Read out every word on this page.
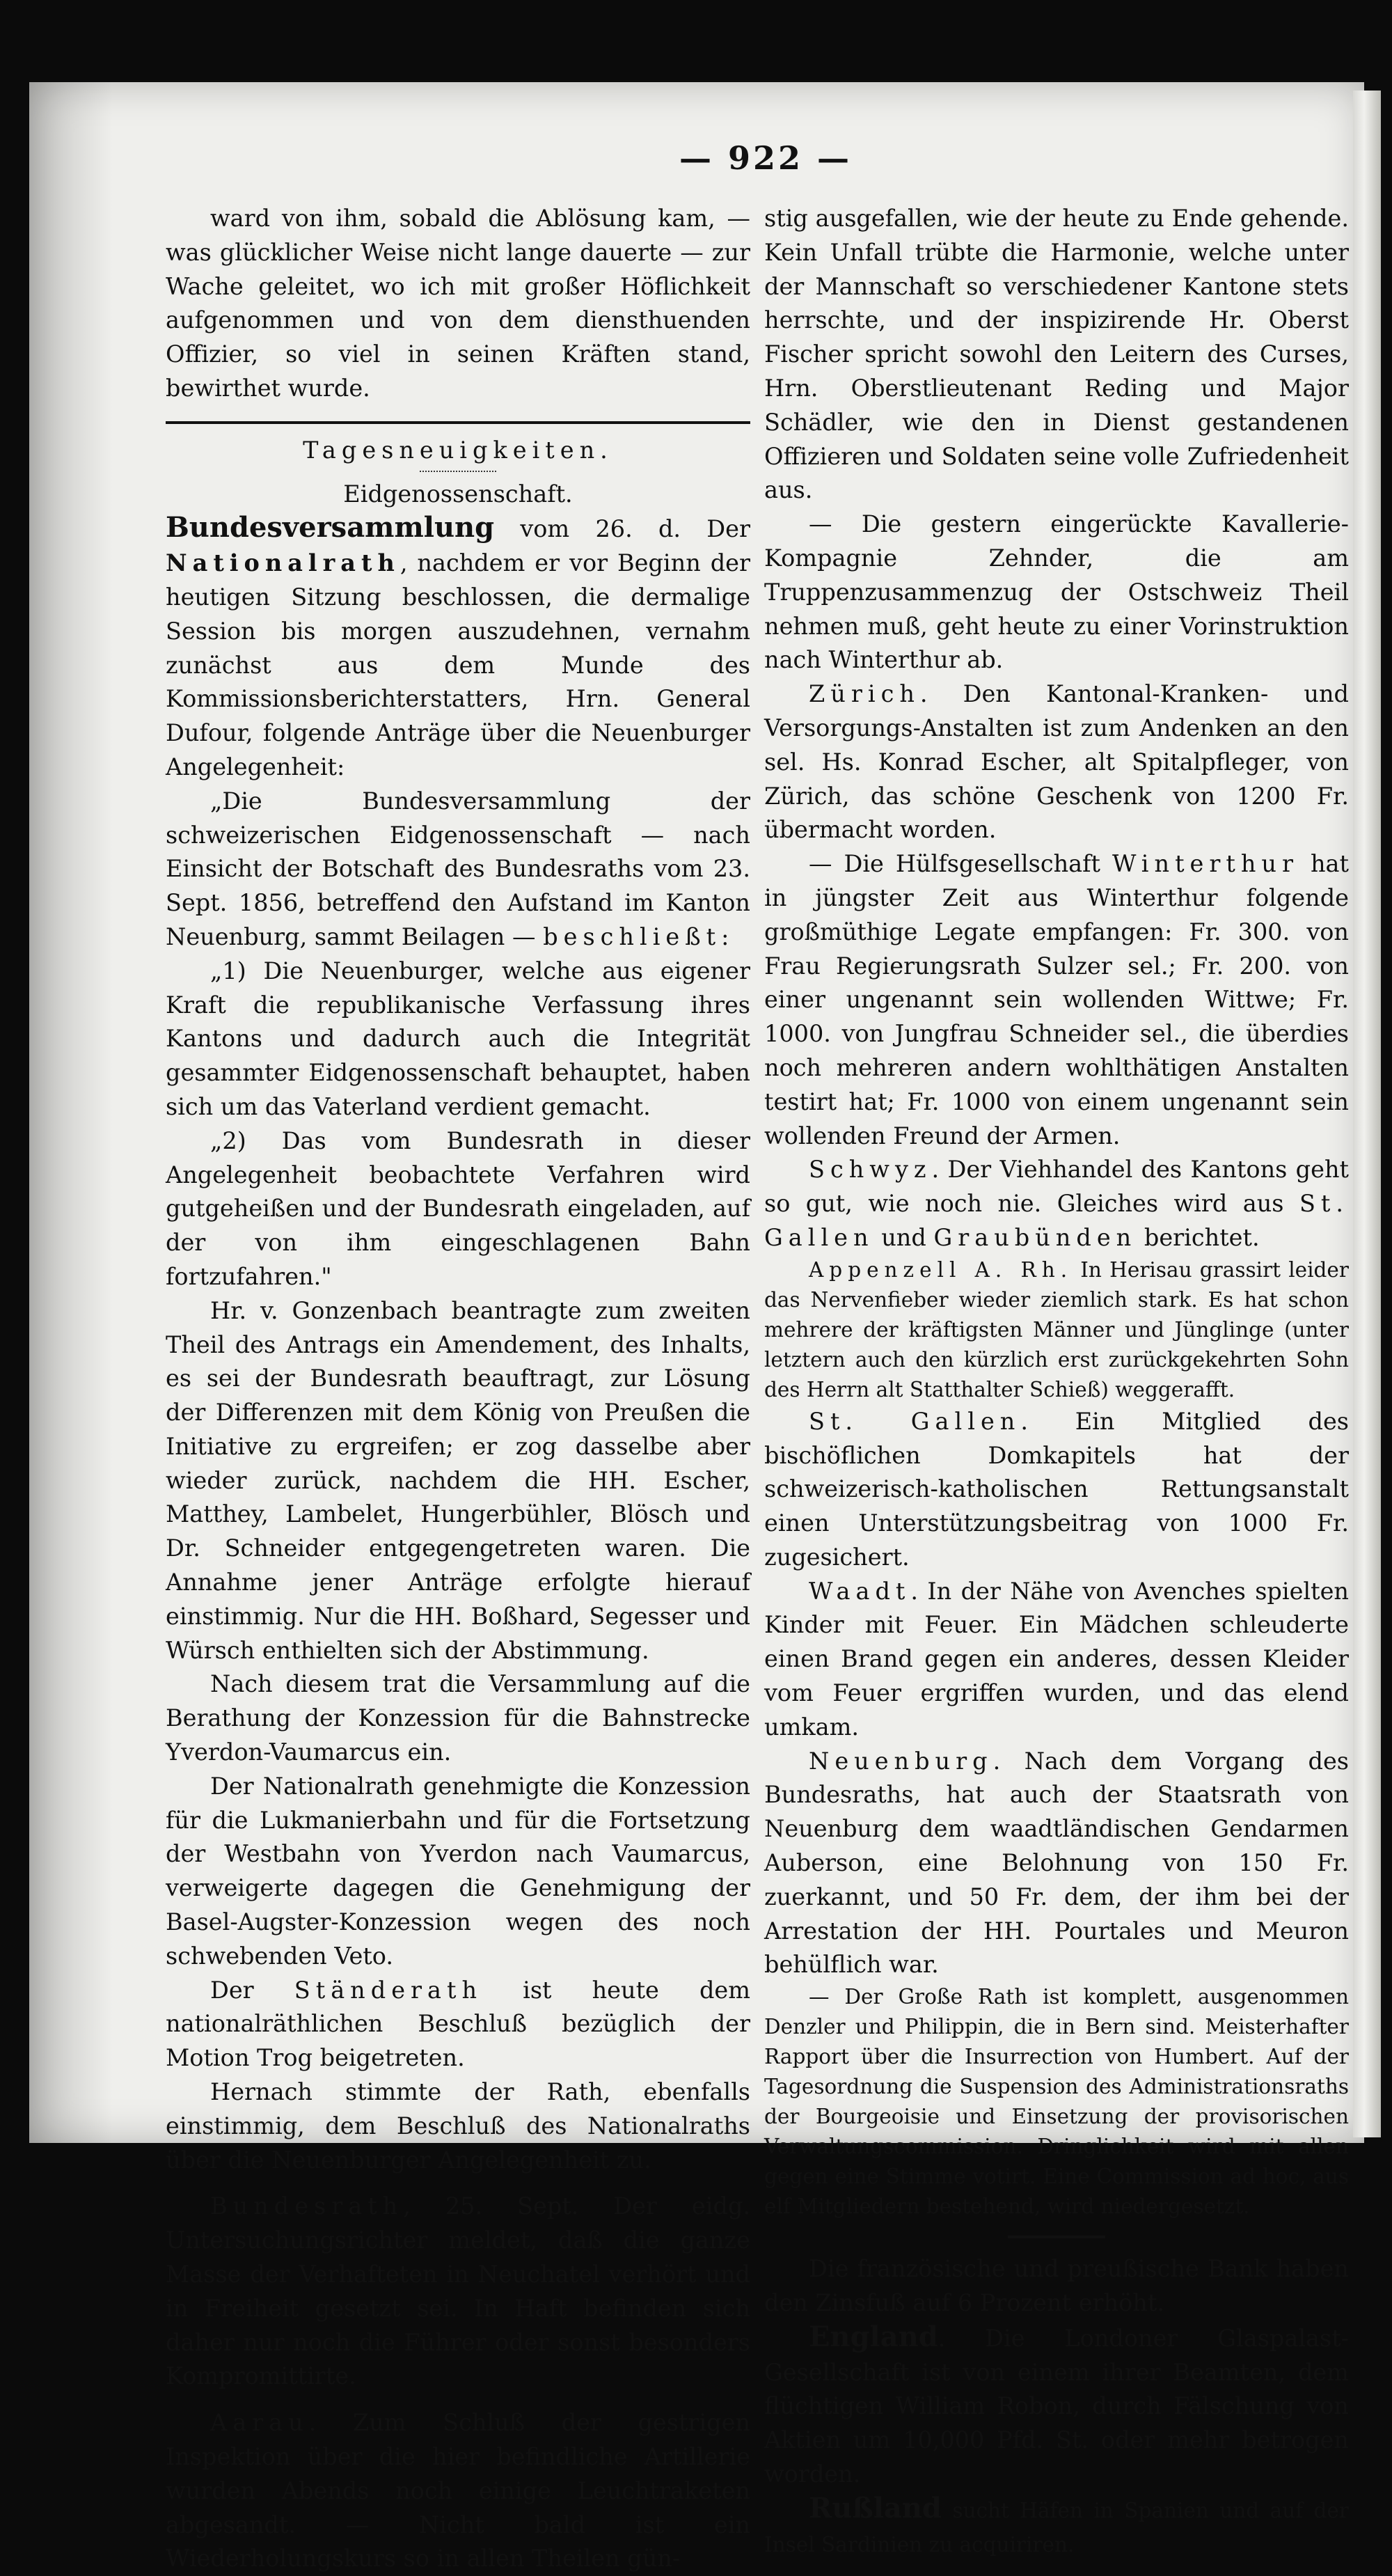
— 922 —

ward von ihm, sobald die Ablösung kam, — was glücklicher Weise nicht lange dauerte — zur Wache geleitet, wo ich mit großer Höflichkeit aufgenommen und von dem diensthuenden Offizier, so viel in seinen Kräften stand, bewirthet wurde.

Tagesneuigkeiten.
Eidgenossenschaft.

Bundesversammlung vom 26. d. Der Nationalrath, nachdem er vor Beginn der heutigen Sitzung beschlossen, die dermalige Session bis morgen auszudehnen, vernahm zunächst aus dem Munde des Kommissionsberichterstatters, Hrn. General Dufour, folgende Anträge über die Neuenburger Angelegenheit:

„Die Bundesversammlung der schweizerischen Eidgenossenschaft — nach Einsicht der Botschaft des Bundesraths vom 23. Sept. 1856, betreffend den Aufstand im Kanton Neuenburg, sammt Beilagen — beschließt:

„1) Die Neuenburger, welche aus eigener Kraft die republikanische Verfassung ihres Kantons und dadurch auch die Integrität gesammter Eidgenossenschaft behauptet, haben sich um das Vaterland verdient gemacht.

„2) Das vom Bundesrath in dieser Angelegenheit beobachtete Verfahren wird gutgeheißen und der Bundesrath eingeladen, auf der von ihm eingeschlagenen Bahn fortzufahren."

Hr. v. Gonzenbach beantragte zum zweiten Theil des Antrags ein Amendement, des Inhalts, es sei der Bundesrath beauftragt, zur Lösung der Differenzen mit dem König von Preußen die Initiative zu ergreifen; er zog dasselbe aber wieder zurück, nachdem die HH. Escher, Matthey, Lambelet, Hungerbühler, Blösch und Dr. Schneider entgegengetreten waren. Die Annahme jener Anträge erfolgte hierauf einstimmig. Nur die HH. Boßhard, Segesser und Würsch enthielten sich der Abstimmung.

Nach diesem trat die Versammlung auf die Berathung der Konzession für die Bahnstrecke Yverdon-Vaumarcus ein.

Der Nationalrath genehmigte die Konzession für die Lukmanierbahn und für die Fortsetzung der Westbahn von Yverdon nach Vaumarcus, verweigerte dagegen die Genehmigung der Basel-Augster-Konzession wegen des noch schwebenden Veto.

Der Ständerath ist heute dem nationalräthlichen Beschluß bezüglich der Motion Trog beigetreten.

Hernach stimmte der Rath, ebenfalls einstimmig, dem Beschluß des Nationalraths über die Neuenburger Angelegenheit zu.

Bundesrath, 25. Sept. Der eidg. Untersuchungsrichter meldet, daß die ganze Masse der Verhafteten in Neuchatel verhört und in Freiheit gesetzt sei. In Haft befinden sich daher nur noch die Führer oder sonst besonders Kompromittirte.

Aarau. Zum Schluß der gestrigen Inspektion über die hier befindliche Artillerie wurden Abends noch einige Leuchtraketen abgesandt. — Nicht bald ist ein Wiederholungskurs so in allen Theilen gün-

stig ausgefallen, wie der heute zu Ende gehende. Kein Unfall trübte die Harmonie, welche unter der Mannschaft so verschiedener Kantone stets herrschte, und der inspizirende Hr. Oberst Fischer spricht sowohl den Leitern des Curses, Hrn. Oberstlieutenant Reding und Major Schädler, wie den in Dienst gestandenen Offizieren und Soldaten seine volle Zufriedenheit aus.

— Die gestern eingerückte Kavallerie-Kompagnie Zehnder, die am Truppenzusammenzug der Ostschweiz Theil nehmen muß, geht heute zu einer Vorinstruktion nach Winterthur ab.

Zürich. Den Kantonal-Kranken- und Versorgungs-Anstalten ist zum Andenken an den sel. Hs. Konrad Escher, alt Spitalpfleger, von Zürich, das schöne Geschenk von 1200 Fr. übermacht worden.

— Die Hülfsgesellschaft Winterthur hat in jüngster Zeit aus Winterthur folgende großmüthige Legate empfangen: Fr. 300. von Frau Regierungsrath Sulzer sel.; Fr. 200. von einer ungenannt sein wollenden Wittwe; Fr. 1000. von Jungfrau Schneider sel., die überdies noch mehreren andern wohlthätigen Anstalten testirt hat; Fr. 1000 von einem ungenannt sein wollenden Freund der Armen.

Schwyz. Der Viehhandel des Kantons geht so gut, wie noch nie. Gleiches wird aus St. Gallen und Graubünden berichtet.

Appenzell A. Rh. In Herisau grassirt leider das Nervenfieber wieder ziemlich stark. Es hat schon mehrere der kräftigsten Männer und Jünglinge (unter letztern auch den kürzlich erst zurückgekehrten Sohn des Herrn alt Statthalter Schieß) weggerafft.

St. Gallen. Ein Mitglied des bischöflichen Domkapitels hat der schweizerisch-katholischen Rettungsanstalt einen Unterstützungsbeitrag von 1000 Fr. zugesichert.

Waadt. In der Nähe von Avenches spielten Kinder mit Feuer. Ein Mädchen schleuderte einen Brand gegen ein anderes, dessen Kleider vom Feuer ergriffen wurden, und das elend umkam.

Neuenburg. Nach dem Vorgang des Bundesraths, hat auch der Staatsrath von Neuenburg dem waadtländischen Gendarmen Auberson, eine Belohnung von 150 Fr. zuerkannt, und 50 Fr. dem, der ihm bei der Arrestation der HH. Pourtales und Meuron behülflich war.

— Der Große Rath ist komplett, ausgenommen Denzler und Philippin, die in Bern sind. Meisterhafter Rapport über die Insurrection von Humbert. Auf der Tagesordnung die Suspension des Administrationsraths der Bourgeoisie und Einsetzung der provisorischen Verwaltungscommission. Dringlichkeit wird mit allen gegen eine Stimme votirt. Eine Commission ad hoc, aus elf Mitgliedern bestehend, wird niedergesetzt.

Die französische und preußische Bank haben den Zinsfuß auf 6 Prozent erhöht.

England. Die Londoner Glaspalast-Gesellschaft ist von einem ihrer Beamten, dem flüchtigen William Robon, durch Fälschung von Aktien um 10,000 Pfd. St. oder mehr betrogen worden.

Rußland sucht Häfen in Spanien und auf der Insel Sardinien zu acquiriren.
